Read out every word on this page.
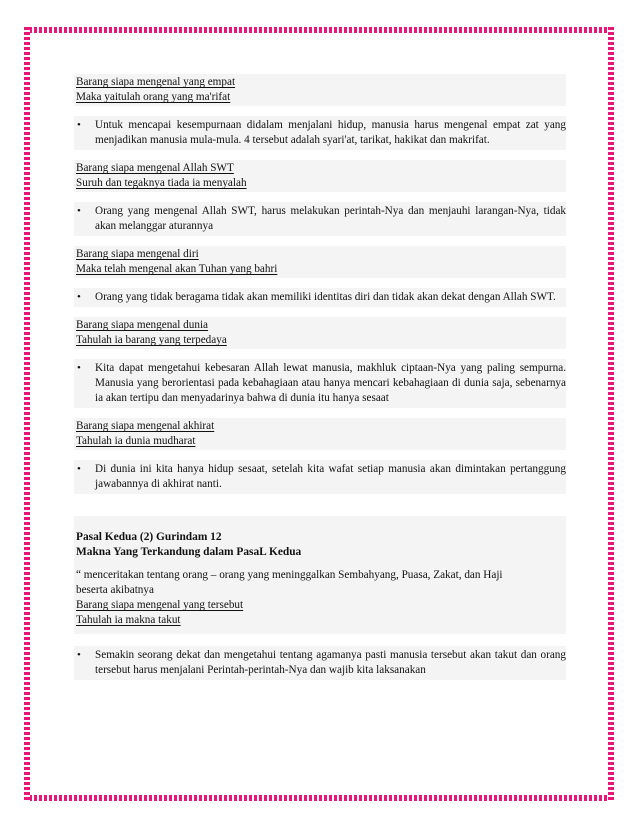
Barang siapa mengenal yang empat
Maka yaitulah orang yang ma'rifat
•	Untuk mencapai kesempurnaan didalam menjalani hidup, manusia harus mengenal empat zat yang menjadikan manusia mula-mula. 4 tersebut adalah syari'at, tarikat, hakikat dan makrifat.
Barang siapa mengenal Allah SWT
Suruh dan tegaknya tiada ia menyalah
•	Orang yang mengenal Allah SWT, harus melakukan perintah-Nya dan menjauhi larangan-Nya, tidak akan melanggar aturannya
Barang siapa mengenal diri
Maka telah mengenal akan Tuhan yang bahri
•	Orang yang tidak beragama tidak akan memiliki identitas diri dan tidak akan dekat dengan Allah SWT.
Barang siapa mengenal dunia
Tahulah ia barang yang terpedaya
•	Kita dapat mengetahui kebesaran Allah lewat manusia, makhluk ciptaan-Nya yang paling sempurna. Manusia yang berorientasi pada kebahagiaan atau hanya mencari kebahagiaan di dunia saja, sebenarnya ia akan tertipu dan menyadarinya bahwa di dunia itu hanya sesaat
Barang siapa mengenal akhirat
Tahulah ia dunia mudharat
•	Di dunia ini kita hanya hidup sesaat, setelah kita wafat setiap manusia akan dimintakan pertanggung jawabannya di akhirat nanti.
Pasal Kedua (2) Gurindam 12
Makna Yang Terkandung dalam PasaL Kedua
“ menceritakan tentang orang – orang yang meninggalkan Sembahyang, Puasa, Zakat, dan Haji
beserta akibatnya
Barang siapa mengenal yang tersebut
Tahulah ia makna takut
•	Semakin seorang dekat dan mengetahui tentang agamanya pasti manusia tersebut akan takut dan orang tersebut harus menjalani Perintah-perintah-Nya dan wajib kita laksanakan
